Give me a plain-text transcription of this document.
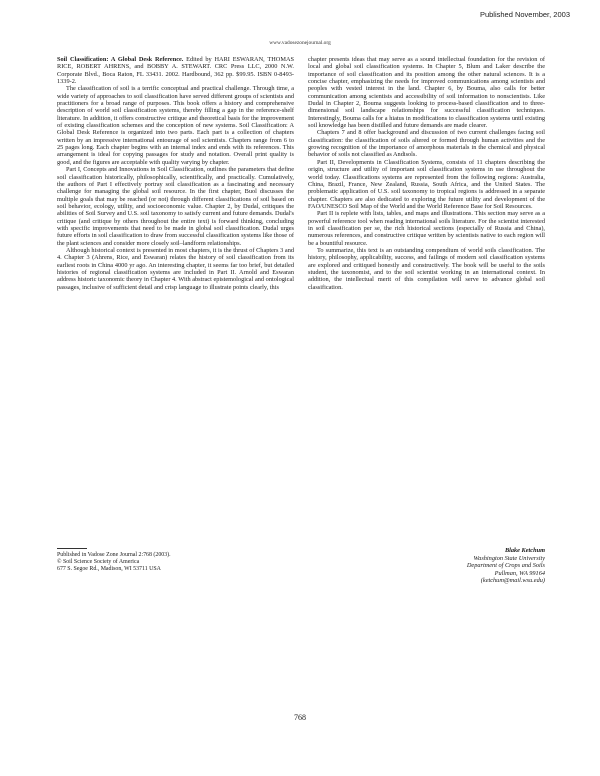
Published November, 2003
www.vadosezonejournal.org

Soil Classification: A Global Desk Reference. Edited by HARI ESWARAN, THOMAS RICE, ROBERT AHRENS, and BOBBY A. STEWART. CRC Press LLC, 2000 N.W. Corporate Blvd., Boca Raton, FL 33431. 2002. Hardbound, 362 pp. $99.95. ISBN 0-8493-1339-2.

The classification of soil is a terrific conceptual and practical challenge. Through time, a wide variety of approaches to soil classification have served different groups of scientists and practitioners for a broad range of purposes. This book offers a history and comprehensive description of world soil classification systems, thereby filling a gap in the reference-shelf literature. In addition, it offers constructive critique and theoretical basis for the improvement of existing classification schemes and the conception of new systems. Soil Classification: A Global Desk Reference is organized into two parts. Each part is a collection of chapters written by an impressive international entourage of soil scientists. Chapters range from 6 to 25 pages long. Each chapter begins with an internal index and ends with its references. This arrangement is ideal for copying passages for study and notation. Overall print quality is good, and the figures are acceptable with quality varying by chapter.

Part I, Concepts and Innovations in Soil Classification, outlines the parameters that define soil classification historically, philosophically, scientifically, and practically. Cumulatively, the authors of Part I effectively portray soil classification as a fascinating and necessary challenge for managing the global soil resource. In the first chapter, Buol discusses the multiple goals that may be reached (or not) through different classifications of soil based on soil behavior, ecology, utility, and socioeconomic value. Chapter 2, by Dudal, critiques the abilities of Soil Survey and U.S. soil taxonomy to satisfy current and future demands. Dudal's critique (and critique by others throughout the entire text) is forward thinking, concluding with specific improvements that need to be made in global soil classification. Dudal urges future efforts in soil classification to draw from successful classification systems like those of the plant sciences and consider more closely soil–landform relationships.

Although historical context is presented in most chapters, it is the thrust of Chapters 3 and 4. Chapter 3 (Ahrens, Rice, and Eswaran) relates the history of soil classification from its earliest roots in China 4000 yr ago. An interesting chapter, it seems far too brief, but detailed histories of regional classification systems are included in Part II. Arnold and Eswaran address historic taxonomic theory in Chapter 4. With abstract epistemological and ontological passages, inclusive of sufficient detail and crisp language to illustrate points clearly, this

chapter presents ideas that may serve as a sound intellectual foundation for the revision of local and global soil classification systems. In Chapter 5, Blum and Laker describe the importance of soil classification and its position among the other natural sciences. It is a concise chapter, emphasizing the needs for improved communications among scientists and peoples with vested interest in the land. Chapter 6, by Bouma, also calls for better communication among scientists and accessibility of soil information to nonscientists. Like Dudal in Chapter 2, Bouma suggests looking to process-based classification and to three-dimensional soil landscape relationships for successful classification techniques. Interestingly, Bouma calls for a hiatus in modifications to classification systems until existing soil knowledge has been distilled and future demands are made clearer.

Chapters 7 and 8 offer background and discussion of two current challenges facing soil classification: the classification of soils altered or formed through human activities and the growing recognition of the importance of amorphous materials in the chemical and physical behavior of soils not classified as Andisols.

Part II, Developments in Classification Systems, consists of 11 chapters describing the origin, structure and utility of important soil classification systems in use throughout the world today. Classifications systems are represented from the following regions: Australia, China, Brazil, France, New Zealand, Russia, South Africa, and the United States. The problematic application of U.S. soil taxonomy to tropical regions is addressed in a separate chapter. Chapters are also dedicated to exploring the future utility and development of the FAO/UNESCO Soil Map of the World and the World Reference Base for Soil Resources.

Part II is replete with lists, tables, and maps and illustrations. This section may serve as a powerful reference tool when reading international soils literature. For the scientist interested in soil classification per se, the rich historical sections (especially of Russia and China), numerous references, and constructive critique written by scientists native to each region will be a bountiful resource.

To summarize, this text is an outstanding compendium of world soils classification. The history, philosophy, applicability, success, and failings of modern soil classification systems are explored and critiqued honestly and constructively. The book will be useful to the soils student, the taxonomist, and to the soil scientist working in an international context. In addition, the intellectual merit of this compilation will serve to advance global soil classification.

Published in Vadose Zone Journal 2:768 (2003).
© Soil Science Society of America
677 S. Segoe Rd., Madison, WI 53711 USA
Blake Ketchum
Washington State University
Department of Crops and Soils
Pullman, WA 99164
(ketchum@mail.wsu.edu)
768
